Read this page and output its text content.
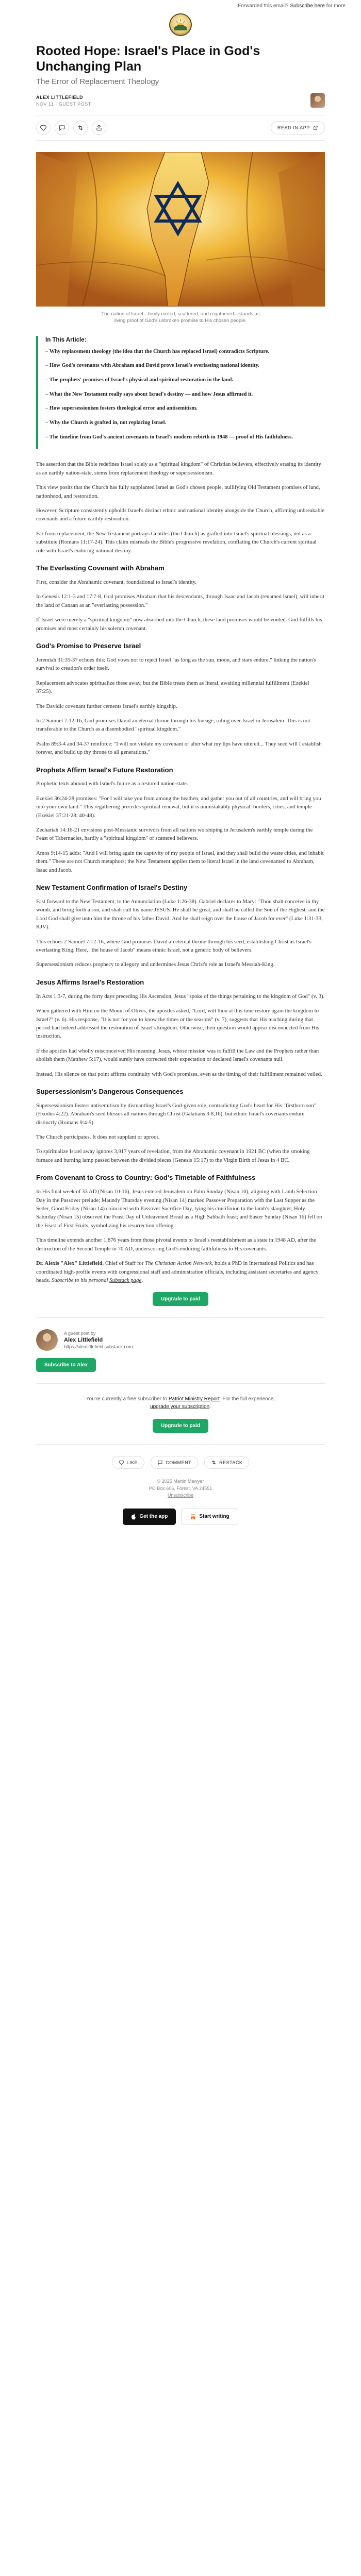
Forwarded this email? Subscribe here for more
Rooted Hope: Israel's Place in God's Unchanging Plan
The Error of Replacement Theology
ALEX LITTLEFIELD
NOV 11 · GUEST POST
READ IN APP

The nation of Israel—firmly rooted, scattered, and regathered—stands as living proof of God's unbroken promise to His chosen people.

In This Article:
– Why replacement theology (the idea that the Church has replaced Israel) contradicts Scripture.
– How God's covenants with Abraham and David prove Israel's everlasting national identity.
– The prophets' promises of Israel's physical and spiritual restoration in the land.
– What the New Testament really says about Israel's destiny — and how Jesus affirmed it.
– How supersessionism fosters theological error and antisemitism.
– Why the Church is grafted in, not replacing Israel.
– The timeline from God's ancient covenants to Israel's modern rebirth in 1948 — proof of His faithfulness.

The assertion that the Bible redefines Israel solely as a "spiritual kingdom" of Christian believers, effectively erasing its identity as an earthly nation-state, stems from replacement theology or supersessionism.

This view posits that the Church has fully supplanted Israel as God's chosen people, nullifying Old Testament promises of land, nationhood, and restoration.

However, Scripture consistently upholds Israel's distinct ethnic and national identity alongside the Church, affirming unbreakable covenants and a future earthly restoration.

Far from replacement, the New Testament portrays Gentiles (the Church) as grafted into Israel's spiritual blessings, not as a substitute (Romans 11:17-24). This claim misreads the Bible's progressive revelation, conflating the Church's current spiritual role with Israel's enduring national destiny.

The Everlasting Covenant with Abraham

First, consider the Abrahamic covenant, foundational to Israel's identity.

In Genesis 12:1-3 and 17:7-8, God promises Abraham that his descendants, through Isaac and Jacob (renamed Israel), will inherit the land of Canaan as an "everlasting possession."

If Israel were merely a "spiritual kingdom" now absorbed into the Church, these land promises would be voided. God fulfills his promises and most certainly his solemn covenant.

God's Promise to Preserve Israel

Jeremiah 31:35-37 echoes this: God vows not to reject Israel "as long as the sun, moon, and stars endure," linking the nation's survival to creation's order itself.

Replacement advocates spiritualize these away, but the Bible treats them as literal, awaiting millennial fulfillment (Ezekiel 37:25).

The Davidic covenant further cements Israel's earthly kingship.

In 2 Samuel 7:12-16, God promises David an eternal throne through his lineage, ruling over Israel in Jerusalem. This is not transferable to the Church as a disembodied "spiritual kingdom."

Psalm 89:3-4 and 34-37 reinforce: "I will not violate my covenant or alter what my lips have uttered... They seed will I establish forever, and build up thy throne to all generations."

Prophets Affirm Israel's Future Restoration

Prophetic texts abound with Israel's future as a restored nation-state.

Ezekiel 36:24-28 promises: "For I will take you from among the heathen, and gather you out of all countries, and will bring you into your own land." This regathering precedes spiritual renewal, but it is unmistakably physical: borders, cities, and temple (Ezekiel 37:21-28; 40-48).

Zechariah 14:16-21 envisions post-Messianic survivors from all nations worshiping in Jerusalem's earthly temple during the Feast of Tabernacles, hardly a "spiritual kingdom" of scattered believers.

Amos 9:14-15 adds: "And I will bring again the captivity of my people of Israel, and they shall build the waste cities, and inhabit them." These are not Church metaphors; the New Testament applies them to literal Israel in the land covenanted to Abraham, Isaac and Jacob.

New Testament Confirmation of Israel's Destiny

Fast forward to the New Testament, to the Annunciation (Luke 1:26-38). Gabriel declares to Mary: "Thou shalt conceive in thy womb, and bring forth a son, and shalt call his name JESUS. He shall be great, and shall be called the Son of the Highest: and the Lord God shall give unto him the throne of his father David: And he shall reign over the house of Jacob for ever" (Luke 1:31-33, KJV).

This echoes 2 Samuel 7:12-16, where God promises David an eternal throne through his seed, establishing Christ as Israel's everlasting King. Here, "the house of Jacob" means ethnic Israel, not a generic body of believers.

Supersessionism reduces prophecy to allegory and undermines Jesus Christ's role as Israel's Messiah-King.

Jesus Affirms Israel's Restoration

In Acts 1:3-7, during the forty days preceding His Ascension, Jesus "spoke of the things pertaining to the kingdom of God" (v. 3).

When gathered with Him on the Mount of Olives, the apostles asked, "Lord, wilt thou at this time restore again the kingdom to Israel?" (v. 6). His response, "It is not for you to know the times or the seasons" (v. 7), suggests that His teaching during that period had indeed addressed the restoration of Israel's kingdom. Otherwise, their question would appear disconnected from His instruction.

If the apostles had wholly misconceived His meaning, Jesus, whose mission was to fulfill the Law and the Prophets rather than abolish them (Matthew 5:17), would surely have corrected their expectation or declared Israel's covenants null.

Instead, His silence on that point affirms continuity with God's promises, even as the timing of their fulfillment remained veiled.

Supersessionism's Dangerous Consequences

Supersessionism fosters antisemitism by dismantling Israel's God-given role, contradicting God's heart for His "firstborn son" (Exodus 4:22). Abraham's seed blesses all nations through Christ (Galatians 3:8,16), but ethnic Israel's covenants endure distinctly (Romans 9:4-5).

The Church participates. It does not supplant or uproot.

To spiritualize Israel away ignores 3,917 years of revelation, from the Abrahamic covenant in 1921 BC (when the smoking furnace and burning lamp passed between the divided pieces (Genesis 15:17) to the Virgin Birth of Jesus in 4 BC.

From Covenant to Cross to Country: God's Timetable of Faithfulness

In His final week of 33 AD (Nisan 10-16), Jesus entered Jerusalem on Palm Sunday (Nisan 10), aligning with Lamb Selection Day in the Passover prelude; Maundy Thursday evening (Nisan 14) marked Passover Preparation with the Last Supper as the Seder, Good Friday (Nisan 14) coincided with Passover Sacrifice Day, tying his crucifixion to the lamb's slaughter; Holy Saturday (Nisan 15) observed the Feast Day of Unleavened Bread as a High Sabbath feast; and Easter Sunday (Nisan 16) fell on the Feast of First Fruits, symbolizing his resurrection offering.

This timeline extends another 1,876 years from those pivotal events to Israel's reestablishment as a state in 1948 AD, after the destruction of the Second Temple in 70 AD, underscoring God's enduring faithfulness to His covenants.

Dr. Alexis "Alex" Littlefield, Chief of Staff for The Christian Action Network, holds a PhD in International Politics and has coordinated high-profile events with congressional staff and administration officials, including assistant secretaries and agency heads. Subscribe to his personal Substack page.

Upgrade to paid
A guest post by
Alex Littlefield
https://alexlittlefield.substack.com
Subscribe to Alex

You're currently a free subscriber to Patriot Ministry Report. For the full experience, upgrade your subscription.

Upgrade to paid
LIKE	COMMENT	RESTACK
© 2025 Martin Mawyer
PO Box 606, Forest, VA 24551
Unsubscribe
Get the app	Start writing
